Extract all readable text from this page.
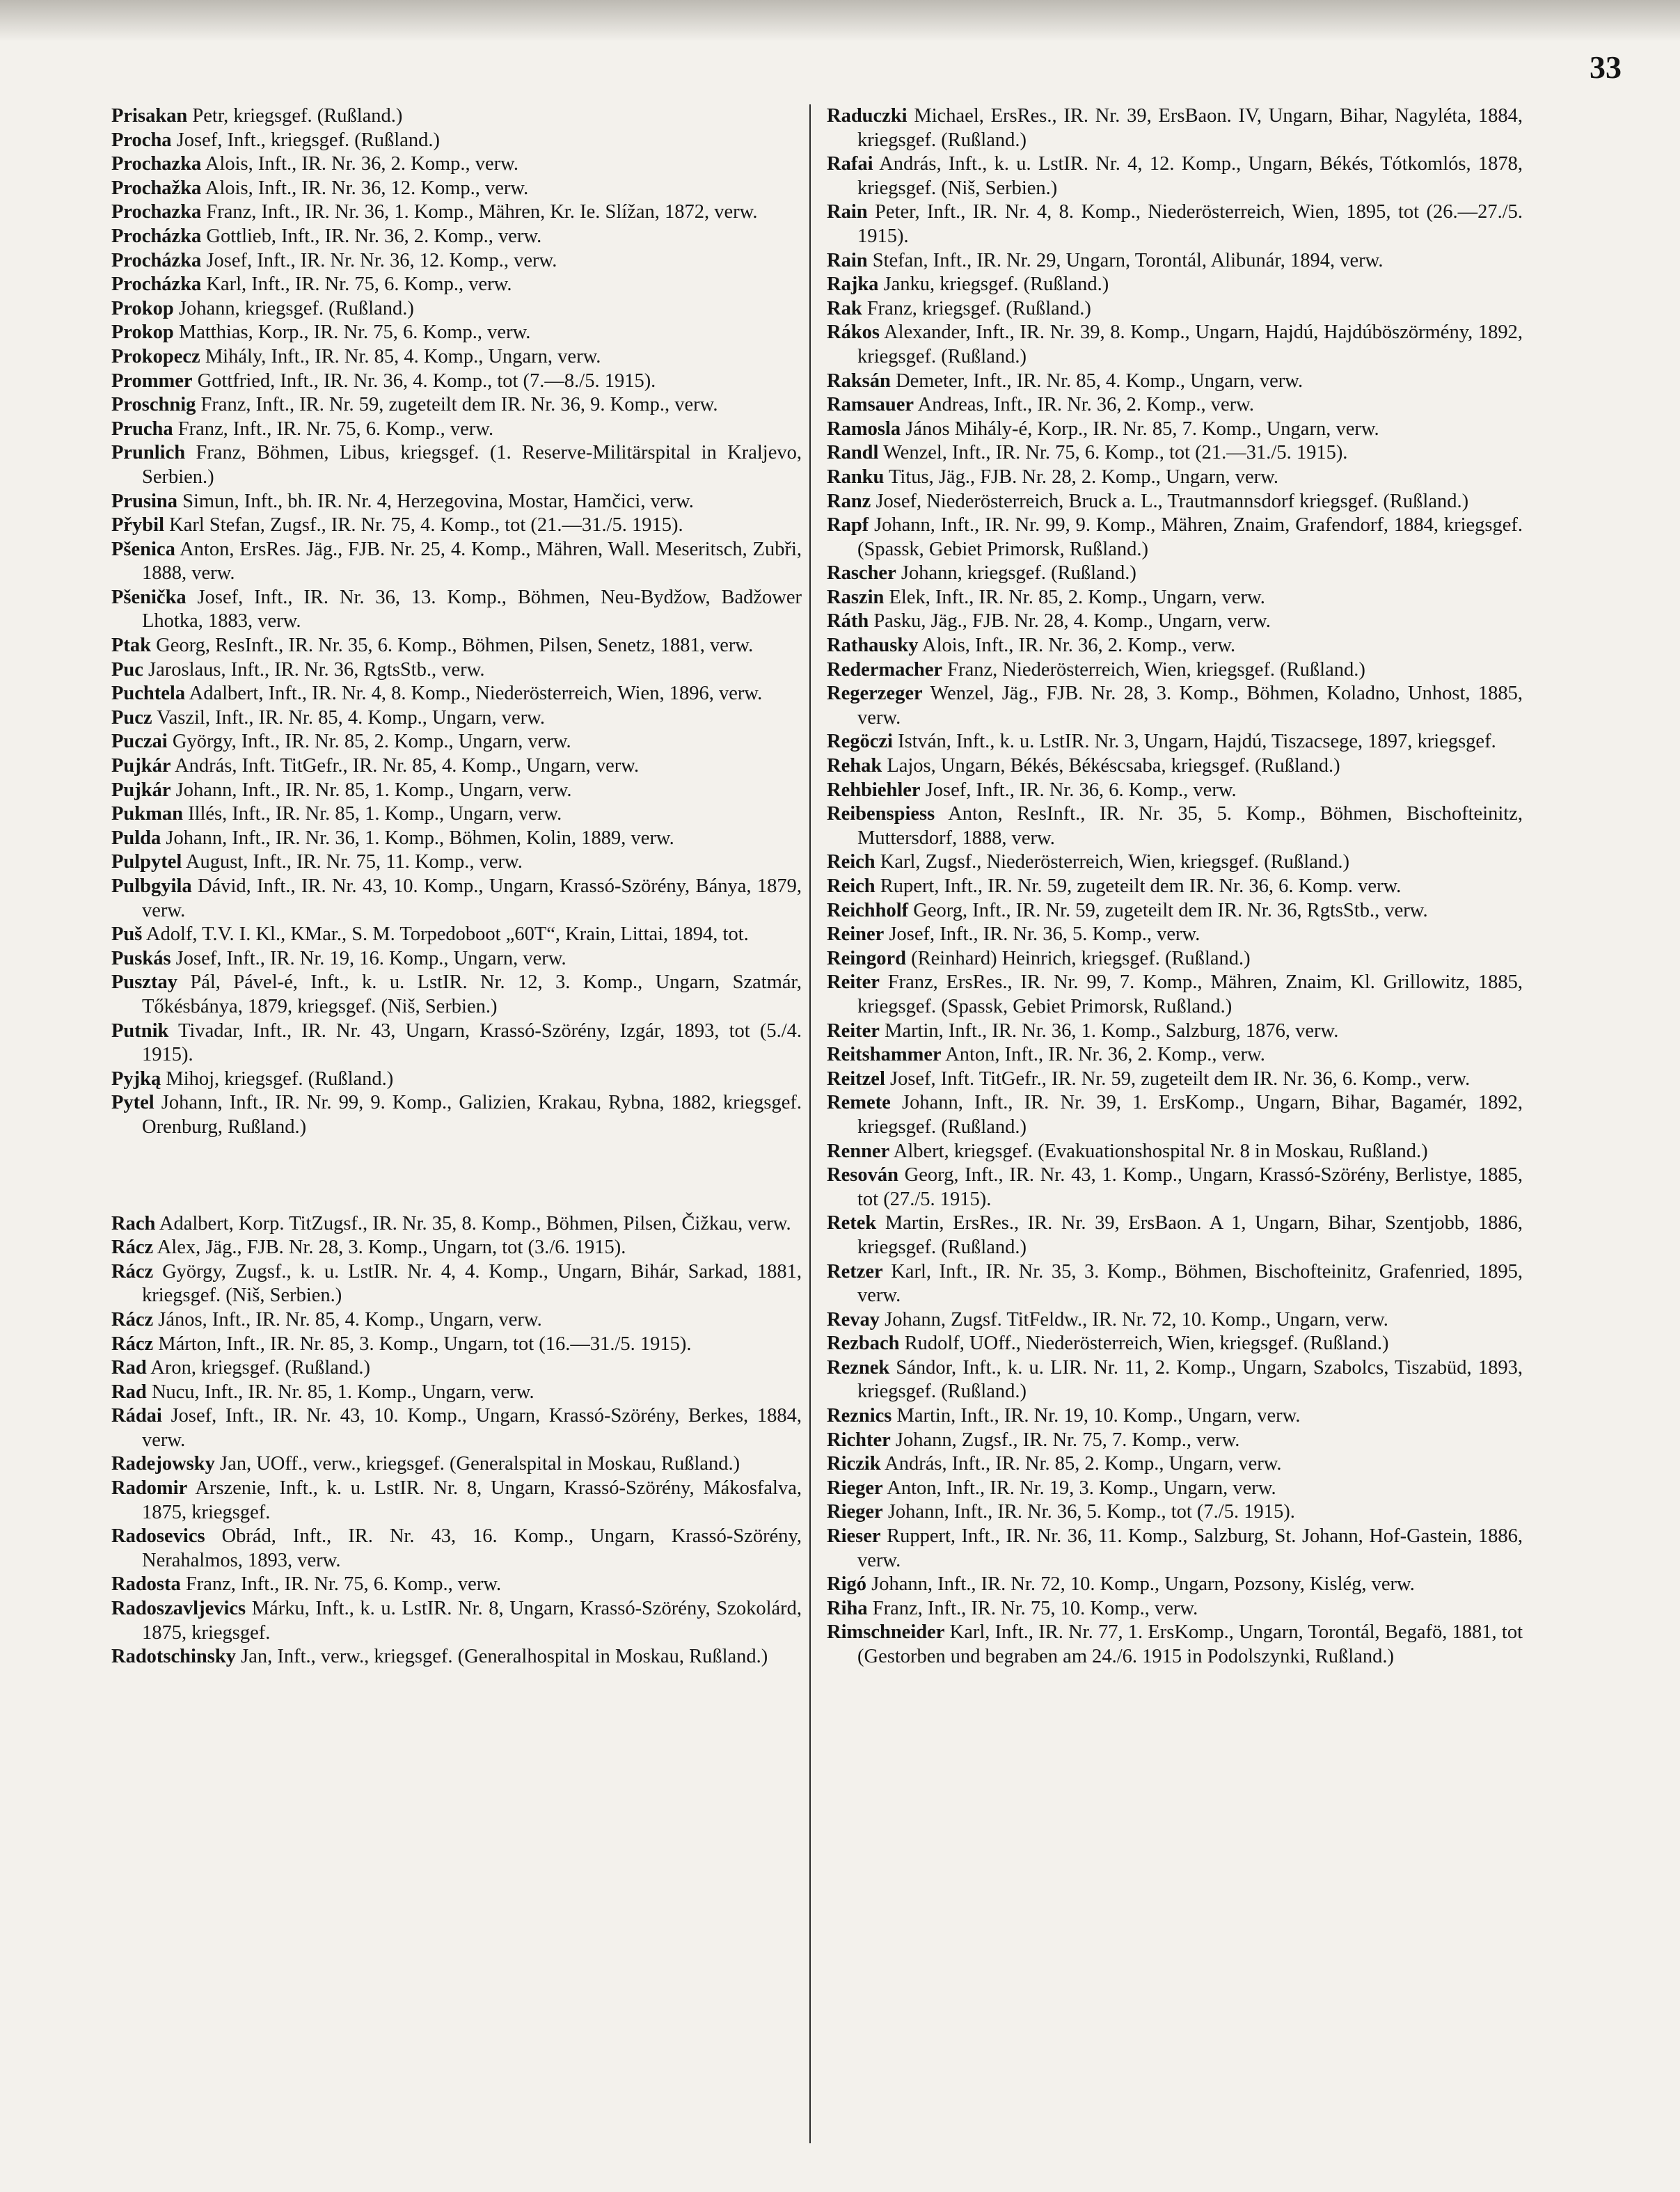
33

Prisakan Petr, kriegsgef. (Rußland.)

Procha Josef, Inft., kriegsgef. (Rußland.)

Prochazka Alois, Inft., IR. Nr. 36, 2. Komp., verw.

Prochažka Alois, Inft., IR. Nr. 36, 12. Komp., verw.

Prochazka Franz, Inft., IR. Nr. 36, 1. Komp., Mähren, Kr. Ie. Slížan, 1872, verw.

Procházka Gottlieb, Inft., IR. Nr. 36, 2. Komp., verw.

Procházka Josef, Inft., IR. Nr. Nr. 36, 12. Komp., verw.

Procházka Karl, Inft., IR. Nr. 75, 6. Komp., verw.

Prokop Johann, kriegsgef. (Rußland.)

Prokop Matthias, Korp., IR. Nr. 75, 6. Komp., verw.

Prokopecz Mihály, Inft., IR. Nr. 85, 4. Komp., Ungarn, verw.

Prommer Gottfried, Inft., IR. Nr. 36, 4. Komp., tot (7.—8./5. 1915).

Proschnig Franz, Inft., IR. Nr. 59, zugeteilt dem IR. Nr. 36, 9. Komp., verw.

Prucha Franz, Inft., IR. Nr. 75, 6. Komp., verw.

Prunlich Franz, Böhmen, Libus, kriegsgef. (1. Reserve-Militärspital in Kraljevo, Serbien.)

Prusina Simun, Inft., bh. IR. Nr. 4, Herzegovina, Mostar, Hamčici, verw.

Přybil Karl Stefan, Zugsf., IR. Nr. 75, 4. Komp., tot (21.—31./5. 1915).

Pšenica Anton, ErsRes. Jäg., FJB. Nr. 25, 4. Komp., Mähren, Wall. Meseritsch, Zubři, 1888, verw.

Pšenička Josef, Inft., IR. Nr. 36, 13. Komp., Böhmen, Neu-Bydžow, Badžower Lhotka, 1883, verw.

Ptak Georg, ResInft., IR. Nr. 35, 6. Komp., Böhmen, Pilsen, Senetz, 1881, verw.

Puc Jaroslaus, Inft., IR. Nr. 36, RgtsStb., verw.

Puchtela Adalbert, Inft., IR. Nr. 4, 8. Komp., Niederösterreich, Wien, 1896, verw.

Pucz Vaszil, Inft., IR. Nr. 85, 4. Komp., Ungarn, verw.

Puczai György, Inft., IR. Nr. 85, 2. Komp., Ungarn, verw.

Pujkár András, Inft. TitGefr., IR. Nr. 85, 4. Komp., Ungarn, verw.

Pujkár Johann, Inft., IR. Nr. 85, 1. Komp., Ungarn, verw.

Pukman Illés, Inft., IR. Nr. 85, 1. Komp., Ungarn, verw.

Pulda Johann, Inft., IR. Nr. 36, 1. Komp., Böhmen, Kolin, 1889, verw.

Pulpytel August, Inft., IR. Nr. 75, 11. Komp., verw.

Pulbgyila Dávid, Inft., IR. Nr. 43, 10. Komp., Ungarn, Krassó-Szörény, Bánya, 1879, verw.

Puš Adolf, T.V. I. Kl., KMar., S. M. Torpedoboot „60T“, Krain, Littai, 1894, tot.

Puskás Josef, Inft., IR. Nr. 19, 16. Komp., Ungarn, verw.

Pusztay Pál, Pável-é, Inft., k. u. LstIR. Nr. 12, 3. Komp., Ungarn, Szatmár, Tőkésbánya, 1879, kriegsgef. (Niš, Serbien.)

Putnik Tivadar, Inft., IR. Nr. 43, Ungarn, Krassó-Szörény, Izgár, 1893, tot (5./4. 1915).

Pyjką Mihoj, kriegsgef. (Rußland.)

Pytel Johann, Inft., IR. Nr. 99, 9. Komp., Galizien, Krakau, Rybna, 1882, kriegsgef. Orenburg, Rußland.)

Rach Adalbert, Korp. TitZugsf., IR. Nr. 35, 8. Komp., Böhmen, Pilsen, Čižkau, verw.

Rácz Alex, Jäg., FJB. Nr. 28, 3. Komp., Ungarn, tot (3./6. 1915).

Rácz György, Zugsf., k. u. LstIR. Nr. 4, 4. Komp., Ungarn, Bihár, Sarkad, 1881, kriegsgef. (Niš, Serbien.)

Rácz János, Inft., IR. Nr. 85, 4. Komp., Ungarn, verw.

Rácz Márton, Inft., IR. Nr. 85, 3. Komp., Ungarn, tot (16.—31./5. 1915).

Rad Aron, kriegsgef. (Rußland.)

Rad Nucu, Inft., IR. Nr. 85, 1. Komp., Ungarn, verw.

Rádai Josef, Inft., IR. Nr. 43, 10. Komp., Ungarn, Krassó-Szörény, Berkes, 1884, verw.

Radejowsky Jan, UOff., verw., kriegsgef. (Generalspital in Moskau, Rußland.)

Radomir Arszenie, Inft., k. u. LstIR. Nr. 8, Ungarn, Krassó-Szörény, Mákosfalva, 1875, kriegsgef.

Radosevics Obrád, Inft., IR. Nr. 43, 16. Komp., Ungarn, Krassó-Szörény, Nerahalmos, 1893, verw.

Radosta Franz, Inft., IR. Nr. 75, 6. Komp., verw.

Radoszavljevics Márku, Inft., k. u. LstIR. Nr. 8, Ungarn, Krassó-Szörény, Szokolárd, 1875, kriegsgef.

Radotschinsky Jan, Inft., verw., kriegsgef. (Generalhospital in Moskau, Rußland.)

Raduczki Michael, ErsRes., IR. Nr. 39, ErsBaon. IV, Ungarn, Bihar, Nagyléta, 1884, kriegsgef. (Rußland.)

Rafai András, Inft., k. u. LstIR. Nr. 4, 12. Komp., Ungarn, Békés, Tótkomlós, 1878, kriegsgef. (Niš, Serbien.)

Rain Peter, Inft., IR. Nr. 4, 8. Komp., Niederösterreich, Wien, 1895, tot (26.—27./5. 1915).

Rain Stefan, Inft., IR. Nr. 29, Ungarn, Torontál, Alibunár, 1894, verw.

Rajka Janku, kriegsgef. (Rußland.)

Rak Franz, kriegsgef. (Rußland.)

Rákos Alexander, Inft., IR. Nr. 39, 8. Komp., Ungarn, Hajdú, Hajdúböszörmény, 1892, kriegsgef. (Rußland.)

Raksán Demeter, Inft., IR. Nr. 85, 4. Komp., Ungarn, verw.

Ramsauer Andreas, Inft., IR. Nr. 36, 2. Komp., verw.

Ramosla János Mihály-é, Korp., IR. Nr. 85, 7. Komp., Ungarn, verw.

Randl Wenzel, Inft., IR. Nr. 75, 6. Komp., tot (21.—31./5. 1915).

Ranku Titus, Jäg., FJB. Nr. 28, 2. Komp., Ungarn, verw.

Ranz Josef, Niederösterreich, Bruck a. L., Trautmannsdorf kriegsgef. (Rußland.)

Rapf Johann, Inft., IR. Nr. 99, 9. Komp., Mähren, Znaim, Grafendorf, 1884, kriegsgef. (Spassk, Gebiet Primorsk, Rußland.)

Rascher Johann, kriegsgef. (Rußland.)

Raszin Elek, Inft., IR. Nr. 85, 2. Komp., Ungarn, verw.

Ráth Pasku, Jäg., FJB. Nr. 28, 4. Komp., Ungarn, verw.

Rathausky Alois, Inft., IR. Nr. 36, 2. Komp., verw.

Redermacher Franz, Niederösterreich, Wien, kriegsgef. (Rußland.)

Regerzeger Wenzel, Jäg., FJB. Nr. 28, 3. Komp., Böhmen, Koladno, Unhost, 1885, verw.

Regöczi István, Inft., k. u. LstIR. Nr. 3, Ungarn, Hajdú, Tiszacsege, 1897, kriegsgef.

Rehak Lajos, Ungarn, Békés, Békéscsaba, kriegsgef. (Rußland.)

Rehbiehler Josef, Inft., IR. Nr. 36, 6. Komp., verw.

Reibenspiess Anton, ResInft., IR. Nr. 35, 5. Komp., Böhmen, Bischofteinitz, Muttersdorf, 1888, verw.

Reich Karl, Zugsf., Niederösterreich, Wien, kriegsgef. (Rußland.)

Reich Rupert, Inft., IR. Nr. 59, zugeteilt dem IR. Nr. 36, 6. Komp. verw.

Reichholf Georg, Inft., IR. Nr. 59, zugeteilt dem IR. Nr. 36, RgtsStb., verw.

Reiner Josef, Inft., IR. Nr. 36, 5. Komp., verw.

Reingord (Reinhard) Heinrich, kriegsgef. (Rußland.)

Reiter Franz, ErsRes., IR. Nr. 99, 7. Komp., Mähren, Znaim, Kl. Grillowitz, 1885, kriegsgef. (Spassk, Gebiet Primorsk, Rußland.)

Reiter Martin, Inft., IR. Nr. 36, 1. Komp., Salzburg, 1876, verw.

Reitshammer Anton, Inft., IR. Nr. 36, 2. Komp., verw.

Reitzel Josef, Inft. TitGefr., IR. Nr. 59, zugeteilt dem IR. Nr. 36, 6. Komp., verw.

Remete Johann, Inft., IR. Nr. 39, 1. ErsKomp., Ungarn, Bihar, Bagamér, 1892, kriegsgef. (Rußland.)

Renner Albert, kriegsgef. (Evakuationshospital Nr. 8 in Moskau, Rußland.)

Resován Georg, Inft., IR. Nr. 43, 1. Komp., Ungarn, Krassó-Szörény, Berlistye, 1885, tot (27./5. 1915).

Retek Martin, ErsRes., IR. Nr. 39, ErsBaon. A 1, Ungarn, Bihar, Szentjobb, 1886, kriegsgef. (Rußland.)

Retzer Karl, Inft., IR. Nr. 35, 3. Komp., Böhmen, Bischofteinitz, Grafenried, 1895, verw.

Revay Johann, Zugsf. TitFeldw., IR. Nr. 72, 10. Komp., Ungarn, verw.

Rezbach Rudolf, UOff., Niederösterreich, Wien, kriegsgef. (Rußland.)

Reznek Sándor, Inft., k. u. LIR. Nr. 11, 2. Komp., Ungarn, Szabolcs, Tiszabüd, 1893, kriegsgef. (Rußland.)

Reznics Martin, Inft., IR. Nr. 19, 10. Komp., Ungarn, verw.

Richter Johann, Zugsf., IR. Nr. 75, 7. Komp., verw.

Riczik András, Inft., IR. Nr. 85, 2. Komp., Ungarn, verw.

Rieger Anton, Inft., IR. Nr. 19, 3. Komp., Ungarn, verw.

Rieger Johann, Inft., IR. Nr. 36, 5. Komp., tot (7./5. 1915).

Rieser Ruppert, Inft., IR. Nr. 36, 11. Komp., Salzburg, St. Johann, Hof-Gastein, 1886, verw.

Rigó Johann, Inft., IR. Nr. 72, 10. Komp., Ungarn, Pozsony, Kislég, verw.

Riha Franz, Inft., IR. Nr. 75, 10. Komp., verw.

Rimschneider Karl, Inft., IR. Nr. 77, 1. ErsKomp., Ungarn, Torontál, Begafö, 1881, tot (Gestorben und begraben am 24./6. 1915 in Podolszynki, Rußland.)
